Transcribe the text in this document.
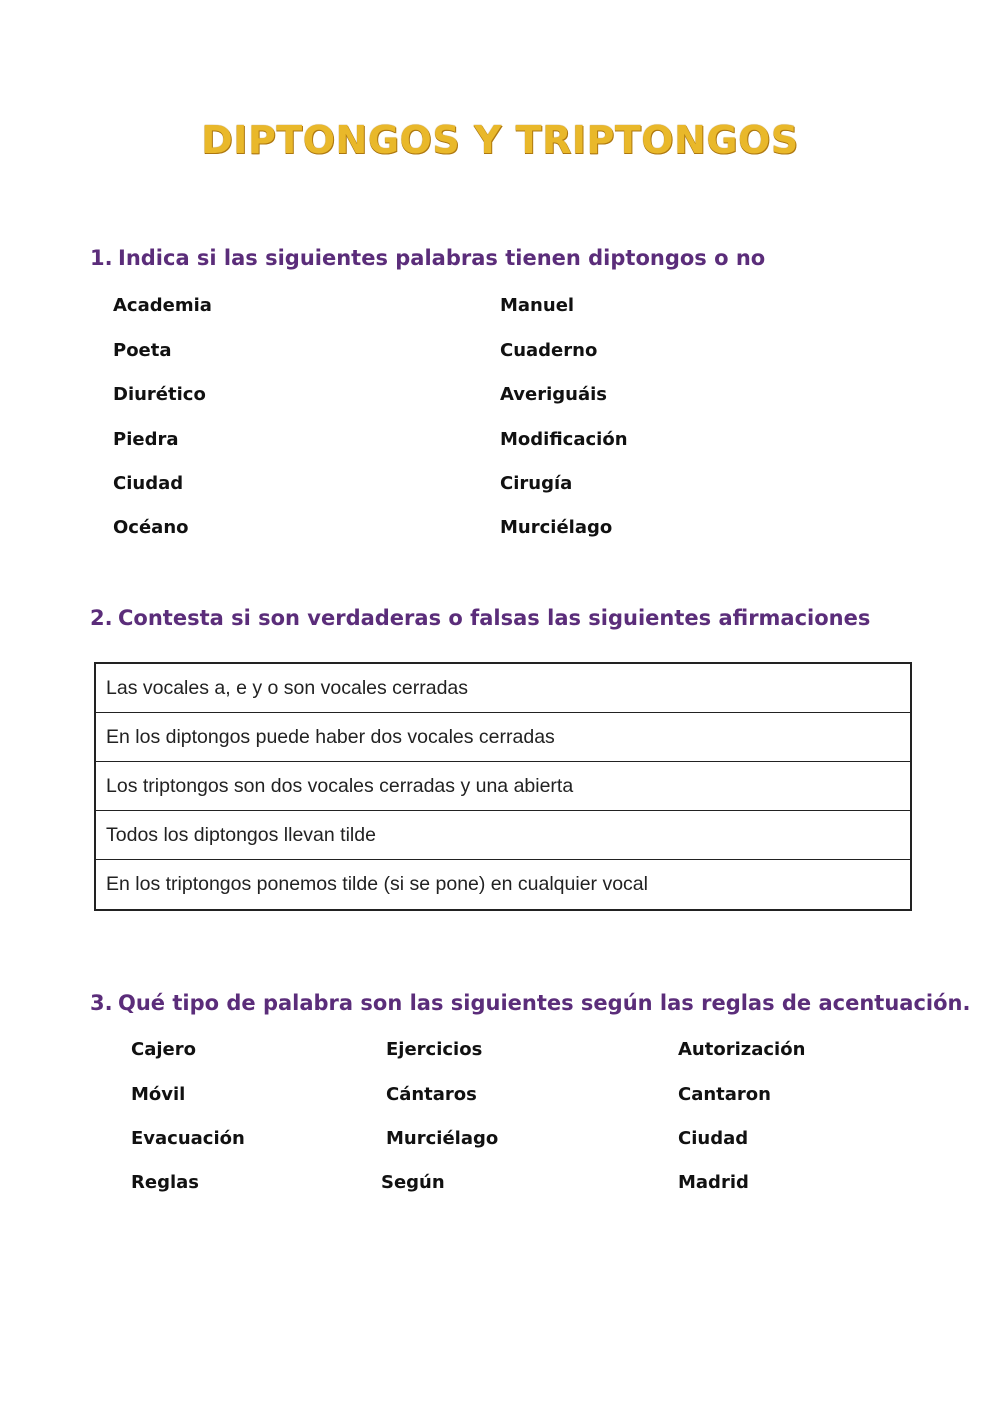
DIPTONGOS Y TRIPTONGOS
1. Indica si las siguientes palabras tienen diptongos o no
Academia
Poeta
Diurético
Piedra
Ciudad
Océano
Manuel
Cuaderno
Averiguáis
Modificación
Cirugía
Murciélago
2. Contesta si son verdaderas o falsas las siguientes afirmaciones
Las vocales a, e y o son vocales cerradas
En los diptongos puede haber dos vocales cerradas
Los triptongos son dos vocales cerradas y una abierta
Todos los diptongos llevan tilde
En los triptongos ponemos tilde (si se pone) en cualquier vocal
3. Qué tipo de palabra son las siguientes según las reglas de acentuación.
Cajero
Móvil
Evacuación
Reglas
Ejercicios
Cántaros
Murciélago
Según
Autorización
Cantaron
Ciudad
Madrid
